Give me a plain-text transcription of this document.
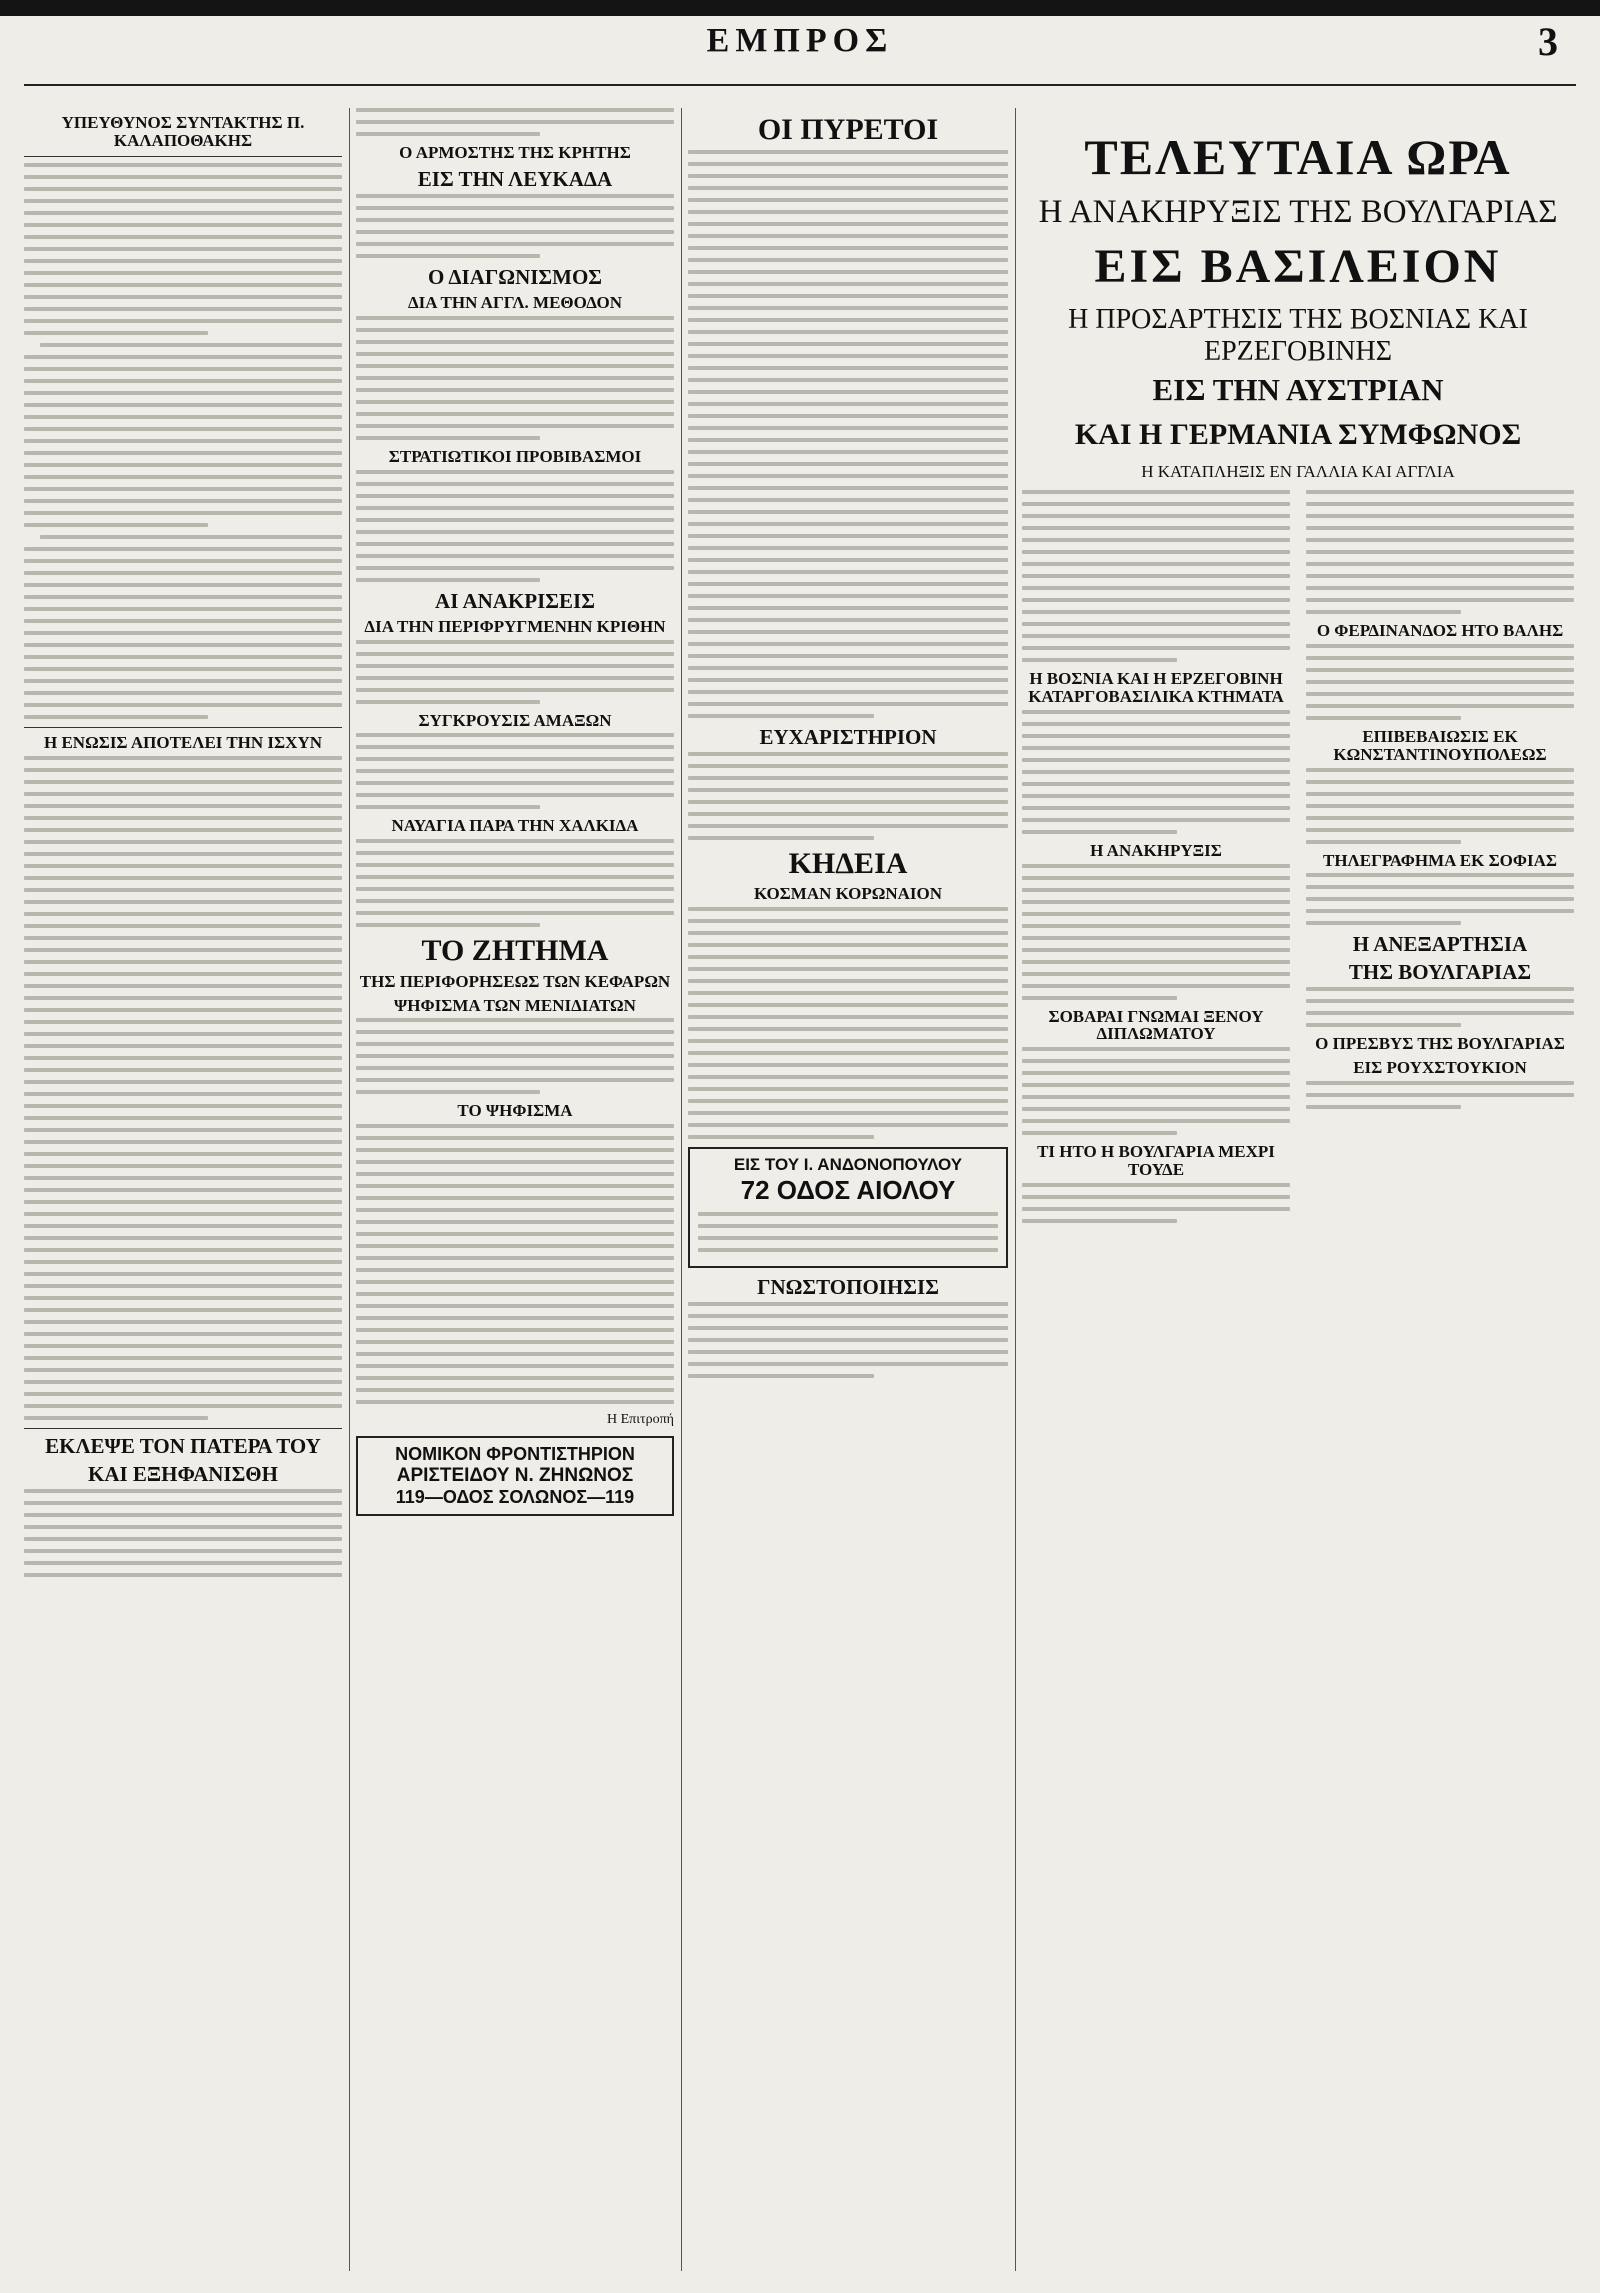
ΕΜΠΡΟΣ	3
ΥΠΕΥΘΥΝΟΣ ΣΥΝΤΑΚΤΗΣ Π. ΚΑΛΑΠΟΘΑΚΗΣ
Η ΕΝΩΣΙΣ ΑΠΟΤΕΛΕΙ ΤΗΝ ΙΣΧΥΝ
ΕΚΛΕΨΕ ΤΟΝ ΠΑΤΕΡΑ ΤΟΥ
ΚΑΙ ΕΞΗΦΑΝΙΣΘΗ
Ο ΑΡΜΟΣΤΗΣ ΤΗΣ ΚΡΗΤΗΣ
ΕΙΣ ΤΗΝ ΛΕΥΚΑΔΑ
Ο ΔΙΑΓΩΝΙΣΜΟΣ
ΔΙΑ ΤΗΝ ΑΓΓΛ. ΜΕΘΟΔΟΝ
ΣΤΡΑΤΙΩΤΙΚΟΙ ΠΡΟΒΙΒΑΣΜΟΙ
ΑΙ ΑΝΑΚΡΙΣΕΙΣ
ΔΙΑ ΤΗΝ ΠΕΡΙΦΡΥΓΜΕΝΗΝ ΚΡΙΘΗΝ
ΣΥΓΚΡΟΥΣΙΣ ΑΜΑΞΩΝ
ΝΑΥΑΓΙΑ ΠΑΡΑ ΤΗΝ ΧΑΛΚΙΔΑ
ΤΟ ΖΗΤΗΜΑ
ΤΗΣ ΠΕΡΙΦΟΡΗΣΕΩΣ ΤΩΝ ΚΕΦΑΡΩΝ
ΨΗΦΙΣΜΑ ΤΩΝ ΜΕΝΙΔΙΑΤΩΝ
ΤΟ ΨΗΦΙΣΜΑ
Η Επιτροπή
ΝΟΜΙΚΟΝ ΦΡΟΝΤΙΣΤΗΡΙΟΝ
ΑΡΙΣΤΕΙΔΟΥ Ν. ΖΗΝΩΝΟΣ
119—ΟΔΟΣ ΣΟΛΩΝΟΣ—119
ΟΙ ΠΥΡΕΤΟΙ
ΕΥΧΑΡΙΣΤΗΡΙΟΝ
ΚΗΔΕΙΑ
ΚΟΣΜΑΝ ΚΟΡΩΝΑΙΟΝ
ΕΙΣ ΤΟΥ Ι. ΑΝΔΟΝΟΠΟΥΛΟΥ
72 ΟΔΟΣ ΑΙΟΛΟΥ
ΓΝΩΣΤΟΠΟΙΗΣΙΣ
ΤΕΛΕΥΤΑΙΑ ΩΡΑ
Η ΑΝΑΚΗΡΥΞΙΣ ΤΗΣ ΒΟΥΛΓΑΡΙΑΣ
ΕΙΣ ΒΑΣΙΛΕΙΟΝ
Η ΠΡΟΣΑΡΤΗΣΙΣ ΤΗΣ ΒΟΣΝΙΑΣ ΚΑΙ ΕΡΖΕΓΟΒΙΝΗΣ
ΕΙΣ ΤΗΝ ΑΥΣΤΡΙΑΝ
ΚΑΙ Η ΓΕΡΜΑΝΙΑ ΣΥΜΦΩΝΟΣ
Η ΚΑΤΑΠΛΗΞΙΣ ΕΝ ΓΑΛΛΙΑ ΚΑΙ ΑΓΓΛΙΑ
Η ΒΟΣΝΙΑ ΚΑΙ Η ΕΡΖΕΓΟΒΙΝΗ ΚΑΤΑΡΓΟΒΑΣΙΛΙΚΑ ΚΤΗΜΑΤΑ
Η ΑΝΑΚΗΡΥΞΙΣ
ΣΟΒΑΡΑΙ ΓΝΩΜΑΙ ΞΕΝΟΥ ΔΙΠΛΩΜΑΤΟΥ
ΤΙ ΗΤΟ Η ΒΟΥΛΓΑΡΙΑ ΜΕΧΡΙ ΤΟΥΔΕ
Ο ΦΕΡΔΙΝΑΝΔΟΣ ΗΤΟ ΒΑΛΗΣ
ΕΠΙΒΕΒΑΙΩΣΙΣ ΕΚ ΚΩΝΣΤΑΝΤΙΝΟΥΠΟΛΕΩΣ
ΤΗΛΕΓΡΑΦΗΜΑ ΕΚ ΣΟΦΙΑΣ
Η ΑΝΕΞΑΡΤΗΣΙΑ
ΤΗΣ ΒΟΥΛΓΑΡΙΑΣ
Ο ΠΡΕΣΒΥΣ ΤΗΣ ΒΟΥΛΓΑΡΙΑΣ
ΕΙΣ ΡΟΥΧΣΤΟΥΚΙΟΝ
